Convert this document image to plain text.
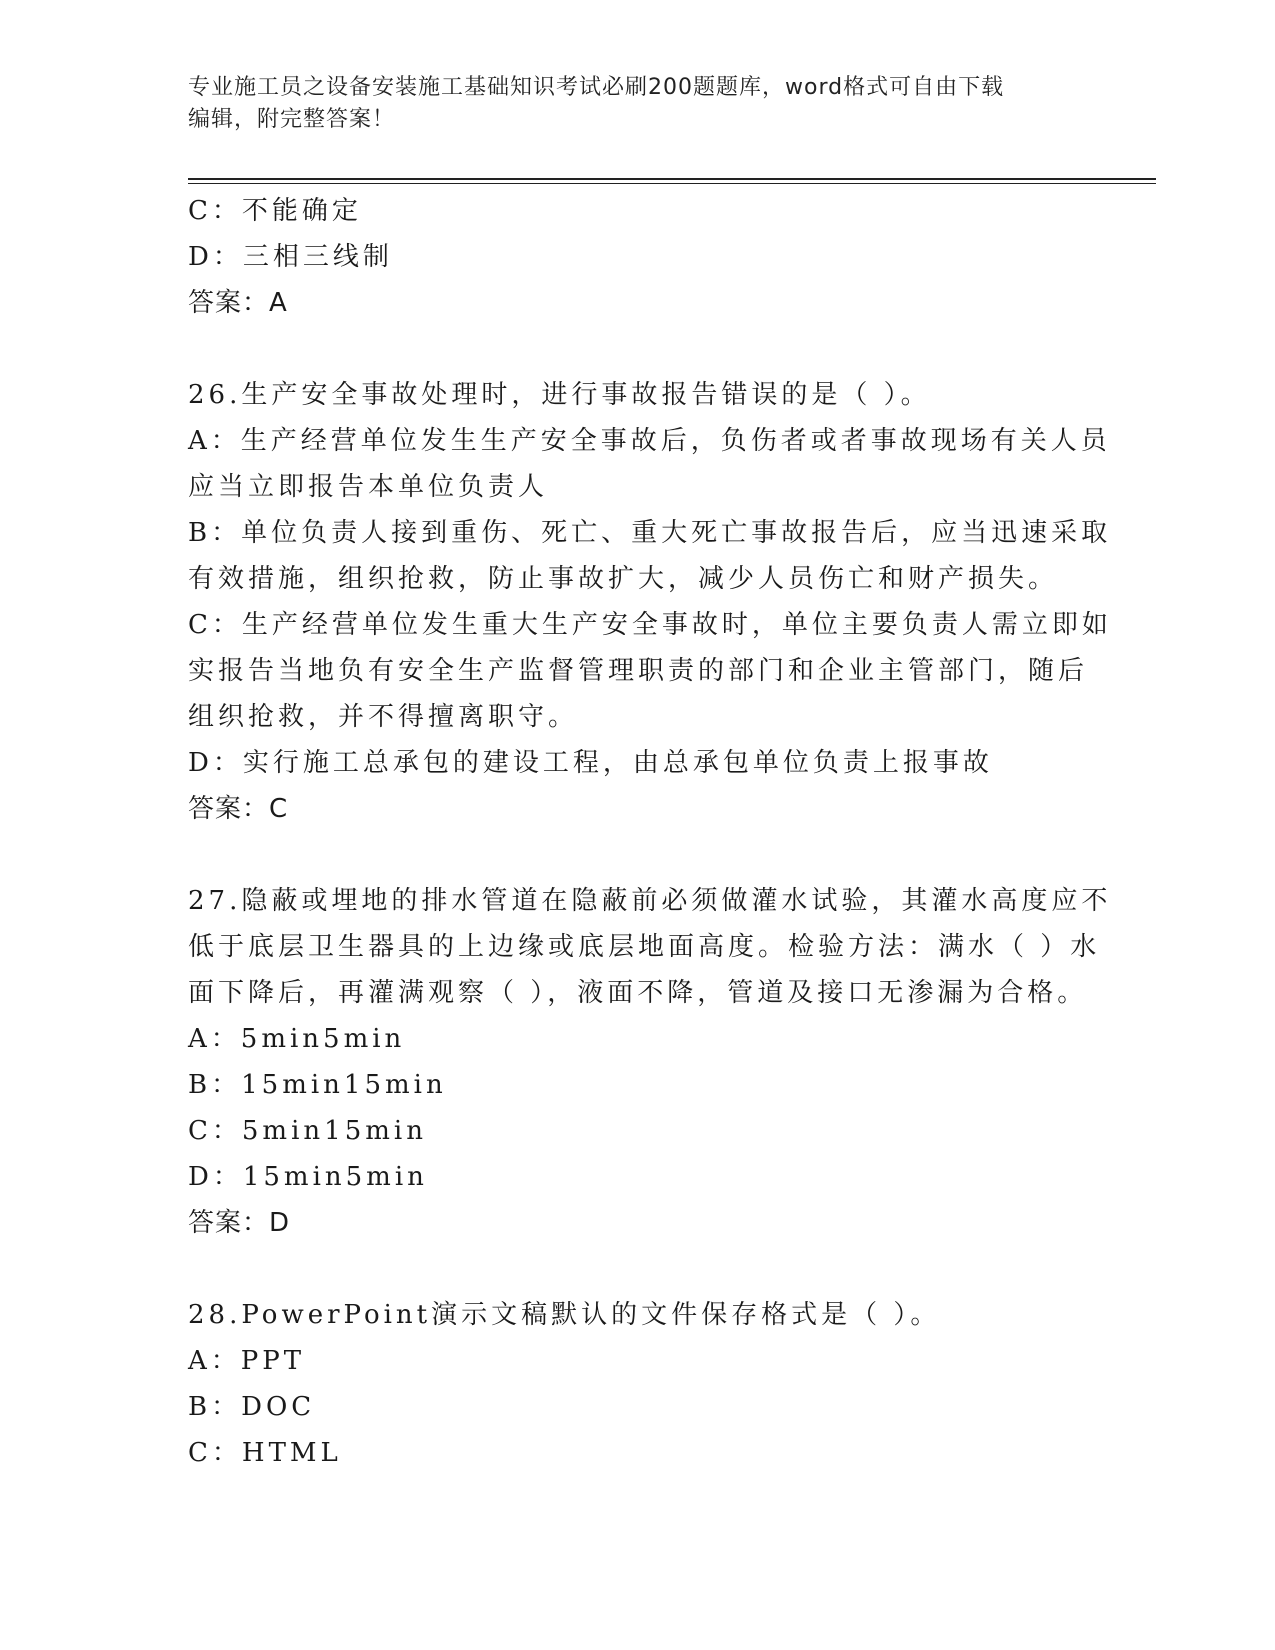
专业施工员之设备安装施工基础知识考试必刷200题题库，word格式可自由下载
编辑，附完整答案！
C：不能确定
D：三相三线制
答案：A
26.生产安全事故处理时，进行事故报告错误的是（ ）。
A：生产经营单位发生生产安全事故后，负伤者或者事故现场有关人员
应当立即报告本单位负责人
B：单位负责人接到重伤、死亡、重大死亡事故报告后，应当迅速采取
有效措施，组织抢救，防止事故扩大，减少人员伤亡和财产损失。
C：生产经营单位发生重大生产安全事故时，单位主要负责人需立即如
实报告当地负有安全生产监督管理职责的部门和企业主管部门，随后
组织抢救，并不得擅离职守。
D：实行施工总承包的建设工程，由总承包单位负责上报事故
答案：C
27.隐蔽或埋地的排水管道在隐蔽前必须做灌水试验，其灌水高度应不
低于底层卫生器具的上边缘或底层地面高度。检验方法：满水（ ）水
面下降后，再灌满观察（ ），液面不降，管道及接口无渗漏为合格。
A：5min5min
B：15min15min
C：5min15min
D：15min5min
答案：D
28.PowerPoint演示文稿默认的文件保存格式是（ ）。
A：PPT
B：DOC
C：HTML
